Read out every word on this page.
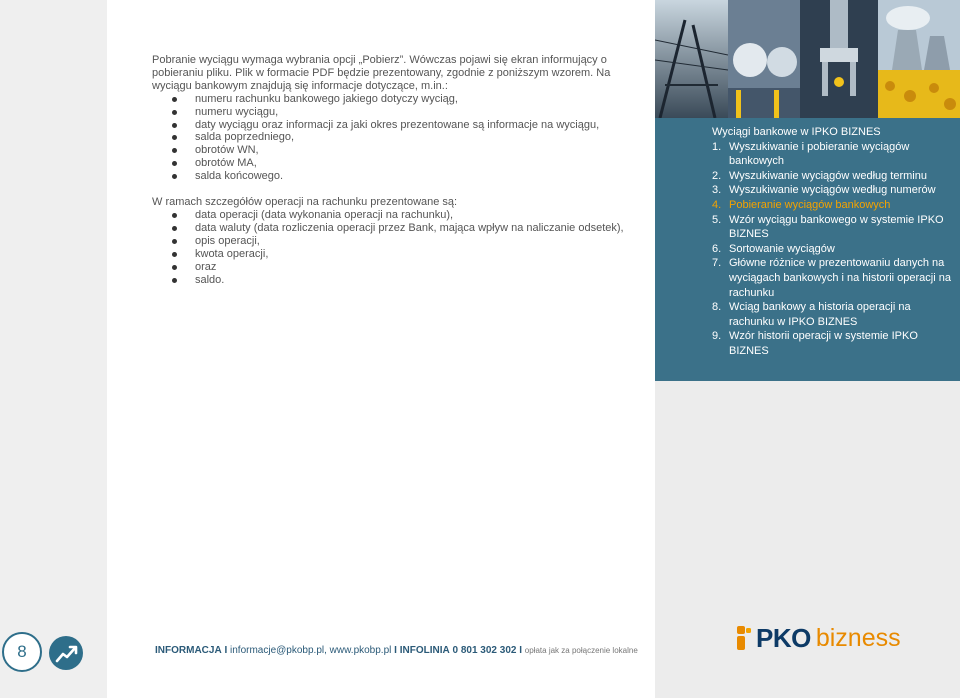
8

Pobranie wyciągu wymaga wybrania opcji „Pobierz”. Wówczas pojawi się ekran informujący o pobieraniu pliku. Plik w formacie PDF będzie prezentowany, zgodnie z poniższym wzorem. Na wyciągu bankowym znajdują się informacje dotyczące, m.in.:

numeru rachunku bankowego jakiego dotyczy wyciąg,
numeru wyciągu,
daty wyciągu oraz informacji za jaki okres prezentowane są informacje na wyciągu,
salda poprzedniego,
obrotów WN,
obrotów MA,
salda końcowego.

W ramach szczegółów operacji na rachunku prezentowane są:

data operacji (data wykonania operacji na rachunku),
data waluty (data rozliczenia operacji przez Bank, mająca wpływ na naliczanie odsetek),
opis operacji,
kwota operacji,
oraz
saldo.
INFORMACJA I informacje@pkobp.pl, www.pkobp.pl I INFOLINIA 0 801 302 302 I opłata jak za połączenie lokalne
Wyciągi bankowe w IPKO BIZNES
1. Wyszukiwanie i pobieranie wyciągów bankowych
2. Wyszukiwanie wyciągów według terminu
3. Wyszukiwanie wyciągów według numerów
4. Pobieranie wyciągów bankowych
5. Wzór wyciągu bankowego w systemie IPKO BIZNES
6. Sortowanie wyciągów
7. Główne różnice w prezentowaniu danych na wyciągach bankowych i na historii operacji na rachunku
8. Wciąg bankowy a historia operacji na rachunku w IPKO BIZNES
9. Wzór historii operacji w systemie IPKO BIZNES
PKO bizness
